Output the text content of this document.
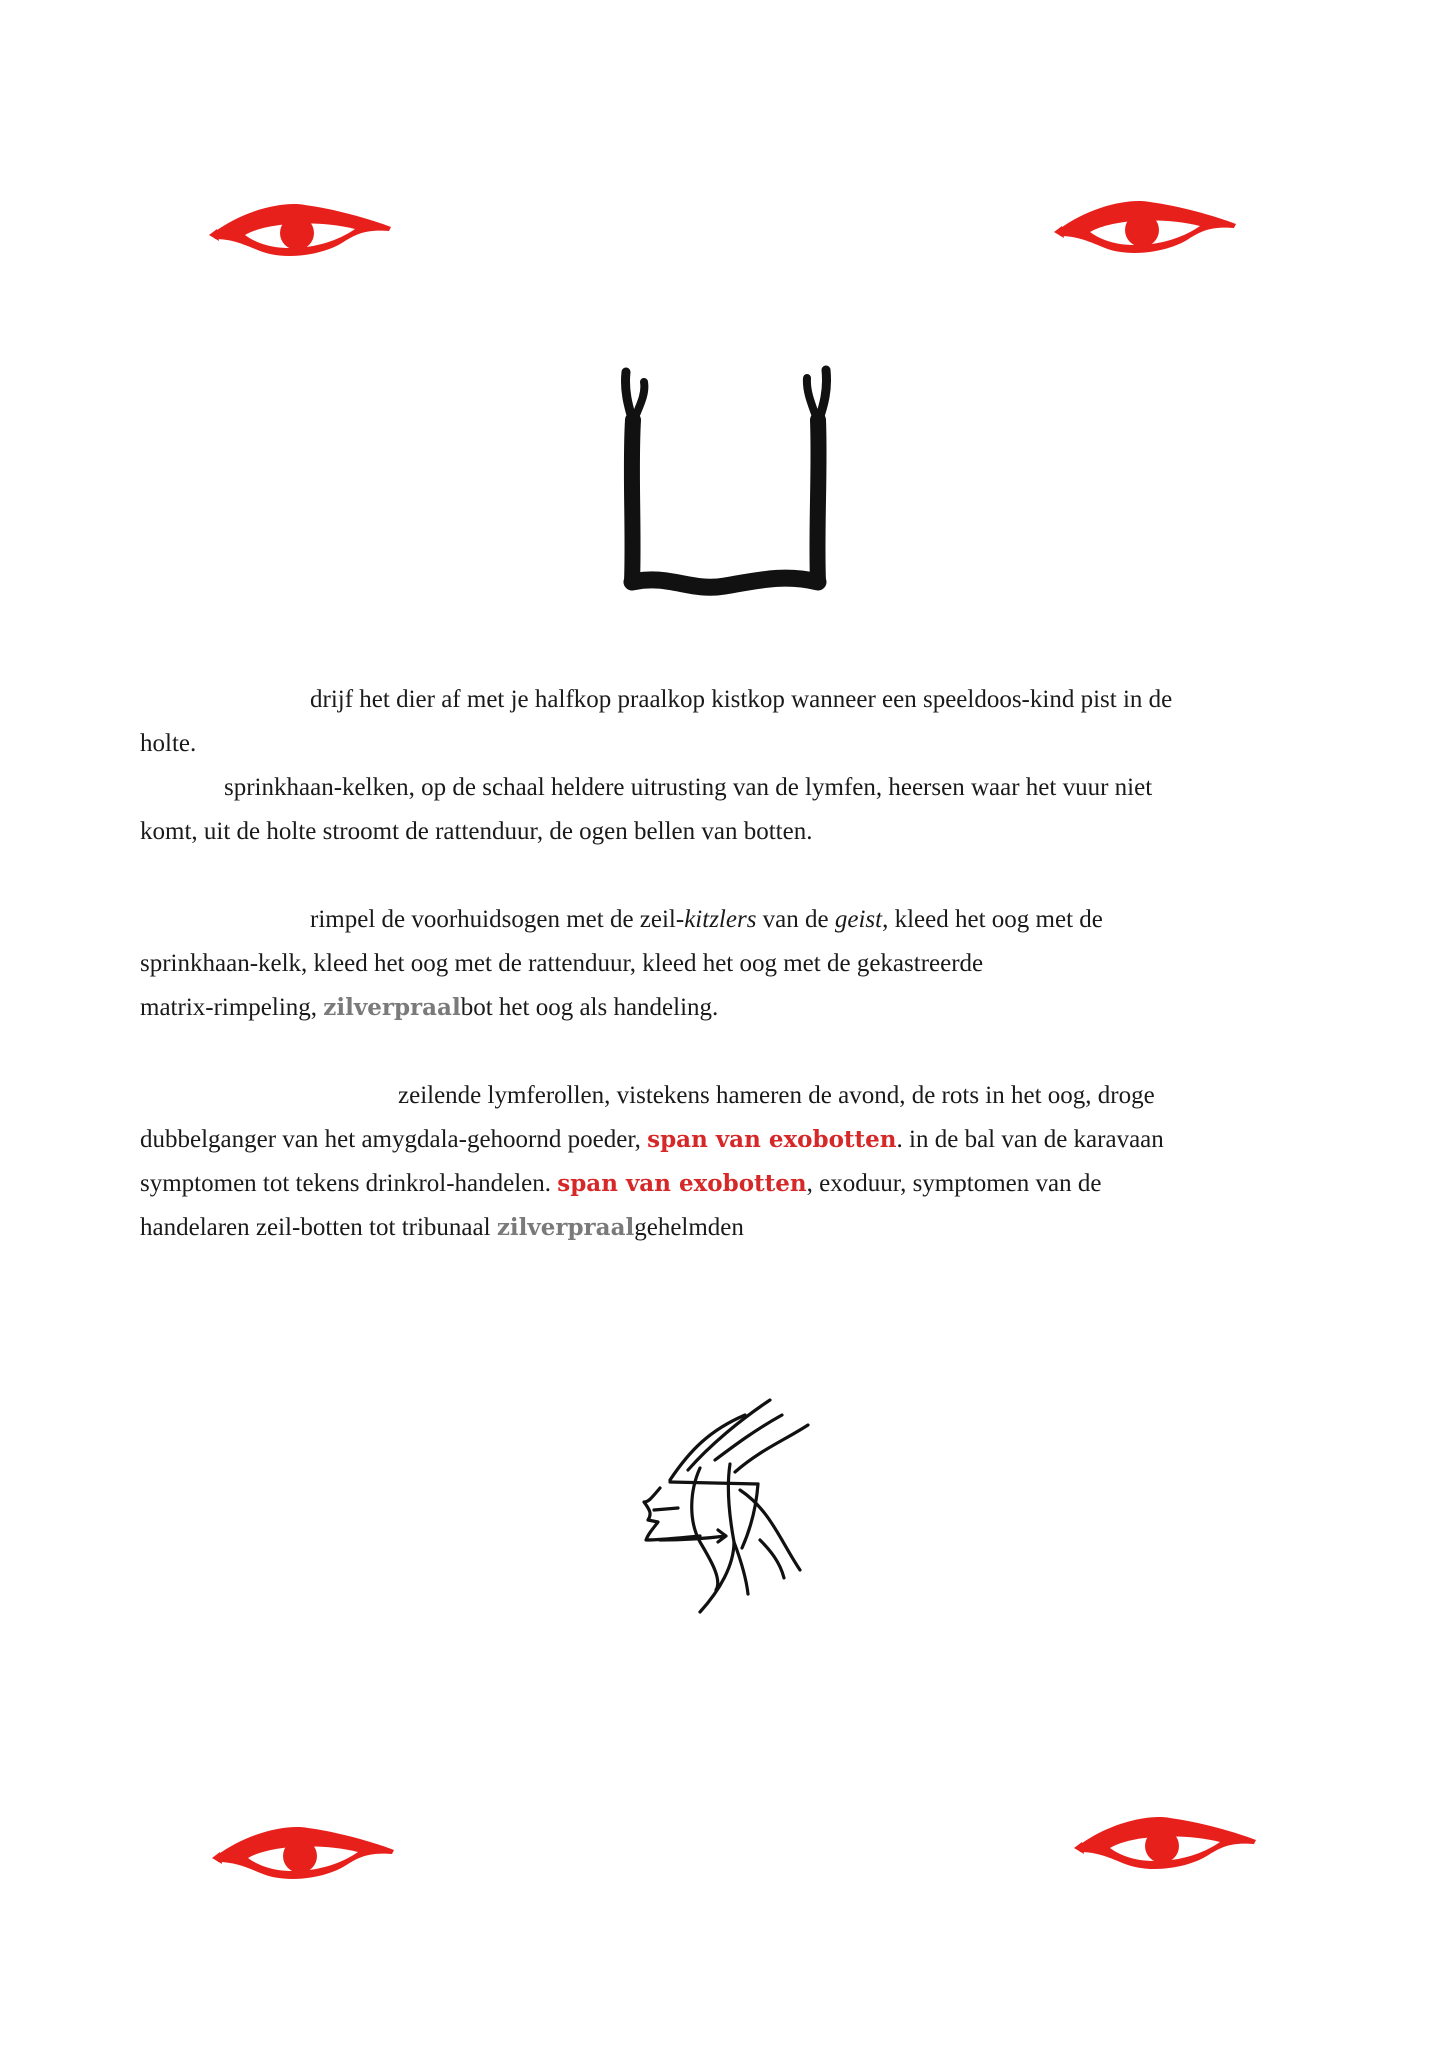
drijf het dier af met je halfkop praalkop kistkop wanneer een speeldoos-kind pist in de

holte.

sprinkhaan-kelken, op de schaal heldere uitrusting van de lymfen, heersen waar het vuur niet

komt, uit de holte stroomt de rattenduur, de ogen bellen van botten.

rimpel de voorhuidsogen met de zeil-kitzlers van de geist, kleed het oog met de

sprinkhaan-kelk, kleed het oog met de rattenduur, kleed het oog met de gekastreerde

matrix-rimpeling, zilverpraalbot het oog als handeling.

zeilende lymferollen, vistekens hameren de avond, de rots in het oog, droge

dubbelganger van het amygdala-gehoornd poeder, span van exobotten. in de bal van de karavaan

symptomen tot tekens drinkrol-handelen. span van exobotten, exoduur, symptomen van de

handelaren zeil-botten tot tribunaal zilverpraalgehelmden
